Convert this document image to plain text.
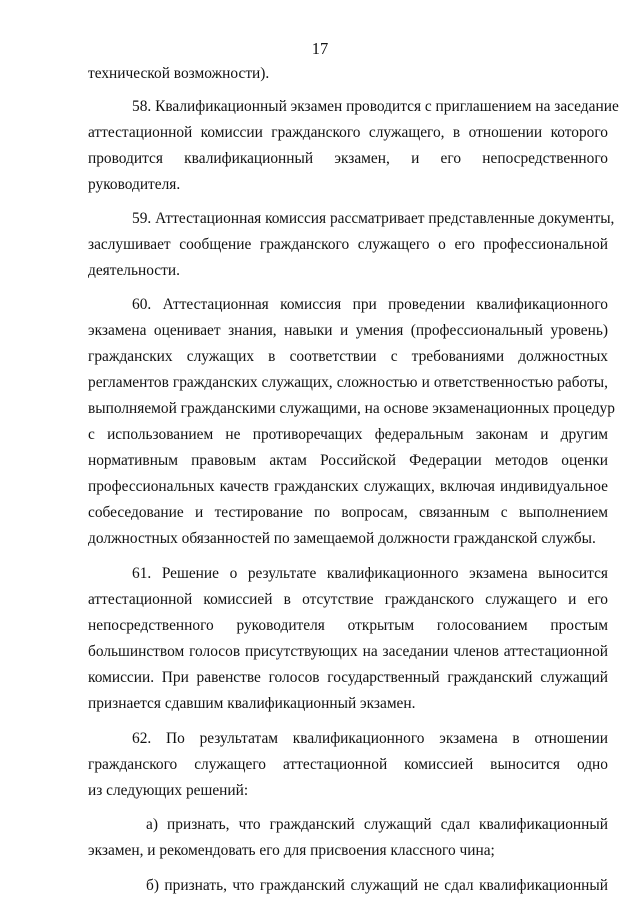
17
технической возможности).
58. Квалификационный экзамен проводится с приглашением на заседание
аттестационной комиссии гражданского служащего, в отношении которого
проводится квалификационный экзамен, и его непосредственного
руководителя.
59. Аттестационная комиссия рассматривает представленные документы,
заслушивает сообщение гражданского служащего о его профессиональной
деятельности.
60. Аттестационная комиссия при проведении квалификационного
экзамена оценивает знания, навыки и умения (профессиональный уровень)
гражданских служащих в соответствии с требованиями должностных
регламентов гражданских служащих, сложностью и ответственностью работы,
выполняемой гражданскими служащими, на основе экзаменационных процедур
с использованием не противоречащих федеральным законам и другим
нормативным правовым актам Российской Федерации методов оценки
профессиональных качеств гражданских служащих, включая индивидуальное
собеседование и тестирование по вопросам, связанным с выполнением
должностных обязанностей по замещаемой должности гражданской службы.
61. Решение о результате квалификационного экзамена выносится
аттестационной комиссией в отсутствие гражданского служащего и его
непосредственного руководителя открытым голосованием простым
большинством голосов присутствующих на заседании членов аттестационной
комиссии. При равенстве голосов государственный гражданский служащий
признается сдавшим квалификационный экзамен.
62. По результатам квалификационного экзамена в отношении
гражданского служащего аттестационной комиссией выносится одно
из следующих решений:
а) признать, что гражданский служащий сдал квалификационный
экзамен, и рекомендовать его для присвоения классного чина;
б) признать, что гражданский служащий не сдал квалификационный
